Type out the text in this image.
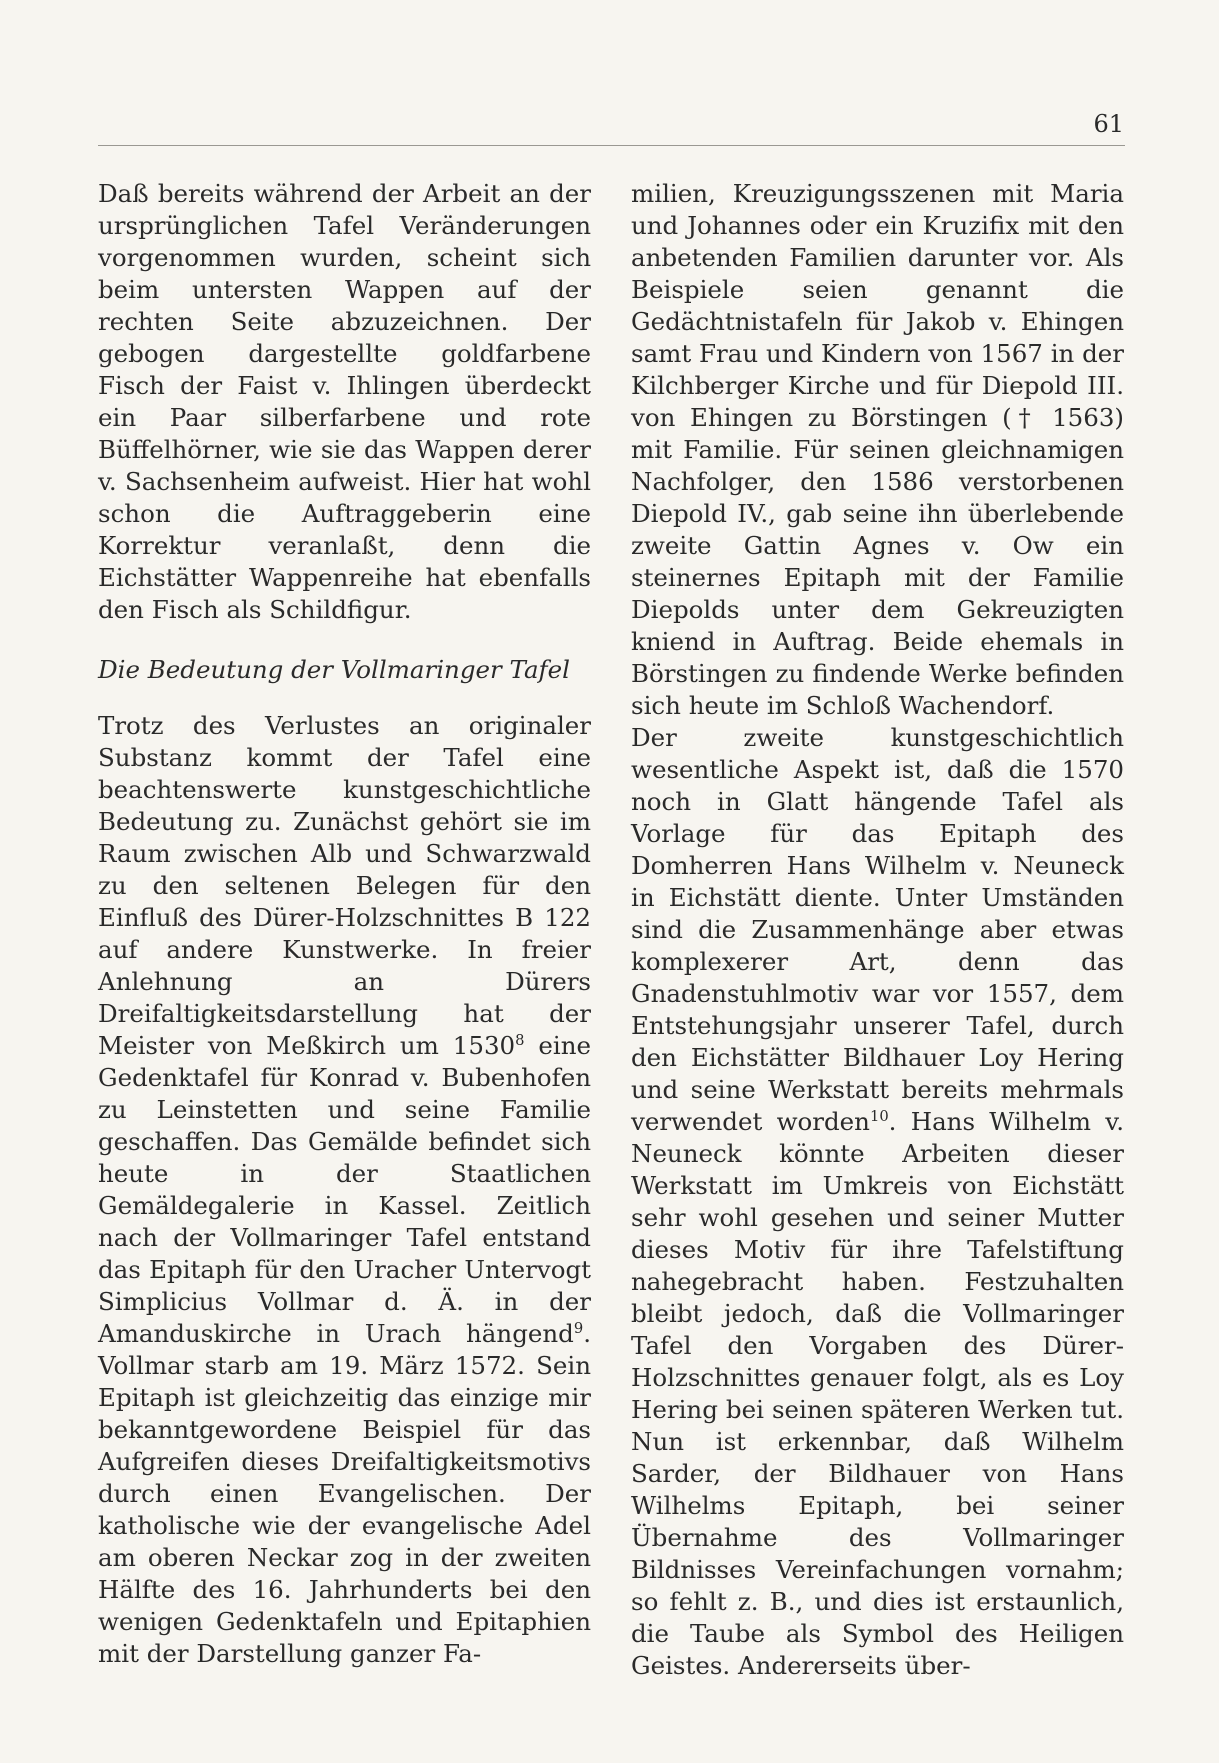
61

Daß bereits während der Arbeit an der ursprünglichen Tafel Veränderungen vorgenommen wurden, scheint sich beim untersten Wappen auf der rechten Seite abzuzeichnen. Der gebogen dargestellte goldfarbene Fisch der Faist v. Ihlingen überdeckt ein Paar silberfarbene und rote Büffelhörner, wie sie das Wappen derer v. Sachsenheim aufweist. Hier hat wohl schon die Auftraggeberin eine Korrektur veranlaßt, denn die Eichstätter Wappenreihe hat ebenfalls den Fisch als Schildfigur.

Die Bedeutung der Vollmaringer Tafel

Trotz des Verlustes an originaler Substanz kommt der Tafel eine beachtenswerte kunstgeschichtliche Bedeutung zu. Zunächst gehört sie im Raum zwischen Alb und Schwarzwald zu den seltenen Belegen für den Einfluß des Dürer-Holzschnittes B 122 auf andere Kunstwerke. In freier Anlehnung an Dürers Dreifaltigkeitsdarstellung hat der Meister von Meßkirch um 1530$^8$ eine Gedenktafel für Konrad v. Bubenhofen zu Leinstetten und seine Familie geschaffen. Das Gemälde befindet sich heute in der Staatlichen Gemäldegalerie in Kassel. Zeitlich nach der Vollmaringer Tafel entstand das Epitaph für den Uracher Untervogt Simplicius Vollmar d. Ä. in der Amanduskirche in Urach hängend$^9$. Vollmar starb am 19. März 1572. Sein Epitaph ist gleichzeitig das einzige mir bekanntgewordene Beispiel für das Aufgreifen dieses Dreifaltigkeitsmotivs durch einen Evangelischen. Der katholische wie der evangelische Adel am oberen Neckar zog in der zweiten Hälfte des 16. Jahrhunderts bei den wenigen Gedenktafeln und Epitaphien mit der Darstellung ganzer Fa-

milien, Kreuzigungsszenen mit Maria und Johannes oder ein Kruzifix mit den anbetenden Familien darunter vor. Als Beispiele seien genannt die Gedächtnistafeln für Jakob v. Ehingen samt Frau und Kindern von 1567 in der Kilchberger Kirche und für Diepold III. von Ehingen zu Börstingen († 1563) mit Familie. Für seinen gleichnamigen Nachfolger, den 1586 verstorbenen Diepold IV., gab seine ihn überlebende zweite Gattin Agnes v. Ow ein steinernes Epitaph mit der Familie Diepolds unter dem Gekreuzigten kniend in Auftrag. Beide ehemals in Börstingen zu findende Werke befinden sich heute im Schloß Wachendorf.

Der zweite kunstgeschichtlich wesentliche Aspekt ist, daß die 1570 noch in Glatt hängende Tafel als Vorlage für das Epitaph des Domherren Hans Wilhelm v. Neuneck in Eichstätt diente. Unter Umständen sind die Zusammenhänge aber etwas komplexerer Art, denn das Gnadenstuhlmotiv war vor 1557, dem Entstehungsjahr unserer Tafel, durch den Eichstätter Bildhauer Loy Hering und seine Werkstatt bereits mehrmals verwendet worden$^{10}$. Hans Wilhelm v. Neuneck könnte Arbeiten dieser Werkstatt im Umkreis von Eichstätt sehr wohl gesehen und seiner Mutter dieses Motiv für ihre Tafelstiftung nahegebracht haben. Festzuhalten bleibt jedoch, daß die Vollmaringer Tafel den Vorgaben des Dürer-Holzschnittes genauer folgt, als es Loy Hering bei seinen späteren Werken tut. Nun ist erkennbar, daß Wilhelm Sarder, der Bildhauer von Hans Wilhelms Epitaph, bei seiner Übernahme des Vollmaringer Bildnisses Vereinfachungen vornahm; so fehlt z. B., und dies ist erstaunlich, die Taube als Symbol des Heiligen Geistes. Andererseits über-
